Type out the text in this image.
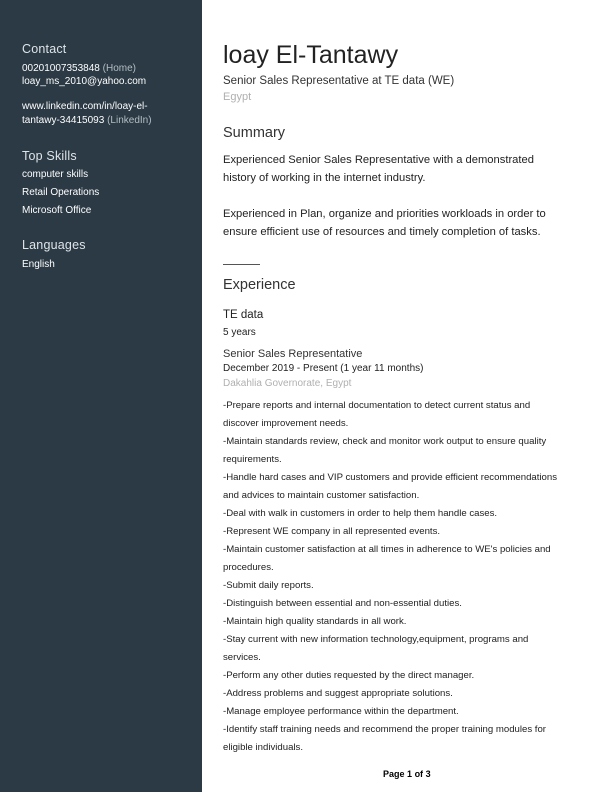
Contact
00201007353848 (Home)
loay_ms_2010@yahoo.com
www.linkedin.com/in/loay-el-
tantawy-34415093 (LinkedIn)
Top Skills
computer skills
Retail Operations
Microsoft Office
Languages
English
loay El-Tantawy
Senior Sales Representative at TE data (WE)
Egypt
Summary
Experienced Senior Sales Representative with a demonstrated
history of working in the internet industry.
Experienced in Plan, organize and priorities workloads in order to
ensure efficient use of resources and timely completion of tasks.
Experience
TE data
5 years
Senior Sales Representative
December 2019 - Present (1 year 11 months)
Dakahlia Governorate, Egypt
-Prepare reports and internal documentation to detect current status and
discover improvement needs.
-Maintain standards review, check and monitor work output to ensure quality
requirements.
-Handle hard cases and VIP customers and provide efficient recommendations
and advices to maintain customer satisfaction.
-Deal with walk in customers in order to help them handle cases.
-Represent WE company in all represented events.
-Maintain customer satisfaction at all times in adherence to WE's policies and
procedures.
-Submit daily reports.
-Distinguish between essential and non-essential duties.
-Maintain high quality standards in all work.
-Stay current with new information technology,equipment, programs and
services.
-Perform any other duties requested by the direct manager.
-Address problems and suggest appropriate solutions.
-Manage employee performance within the department.
-Identify staff training needs and recommend the proper training modules for
eligible individuals.
Page 1 of 3
